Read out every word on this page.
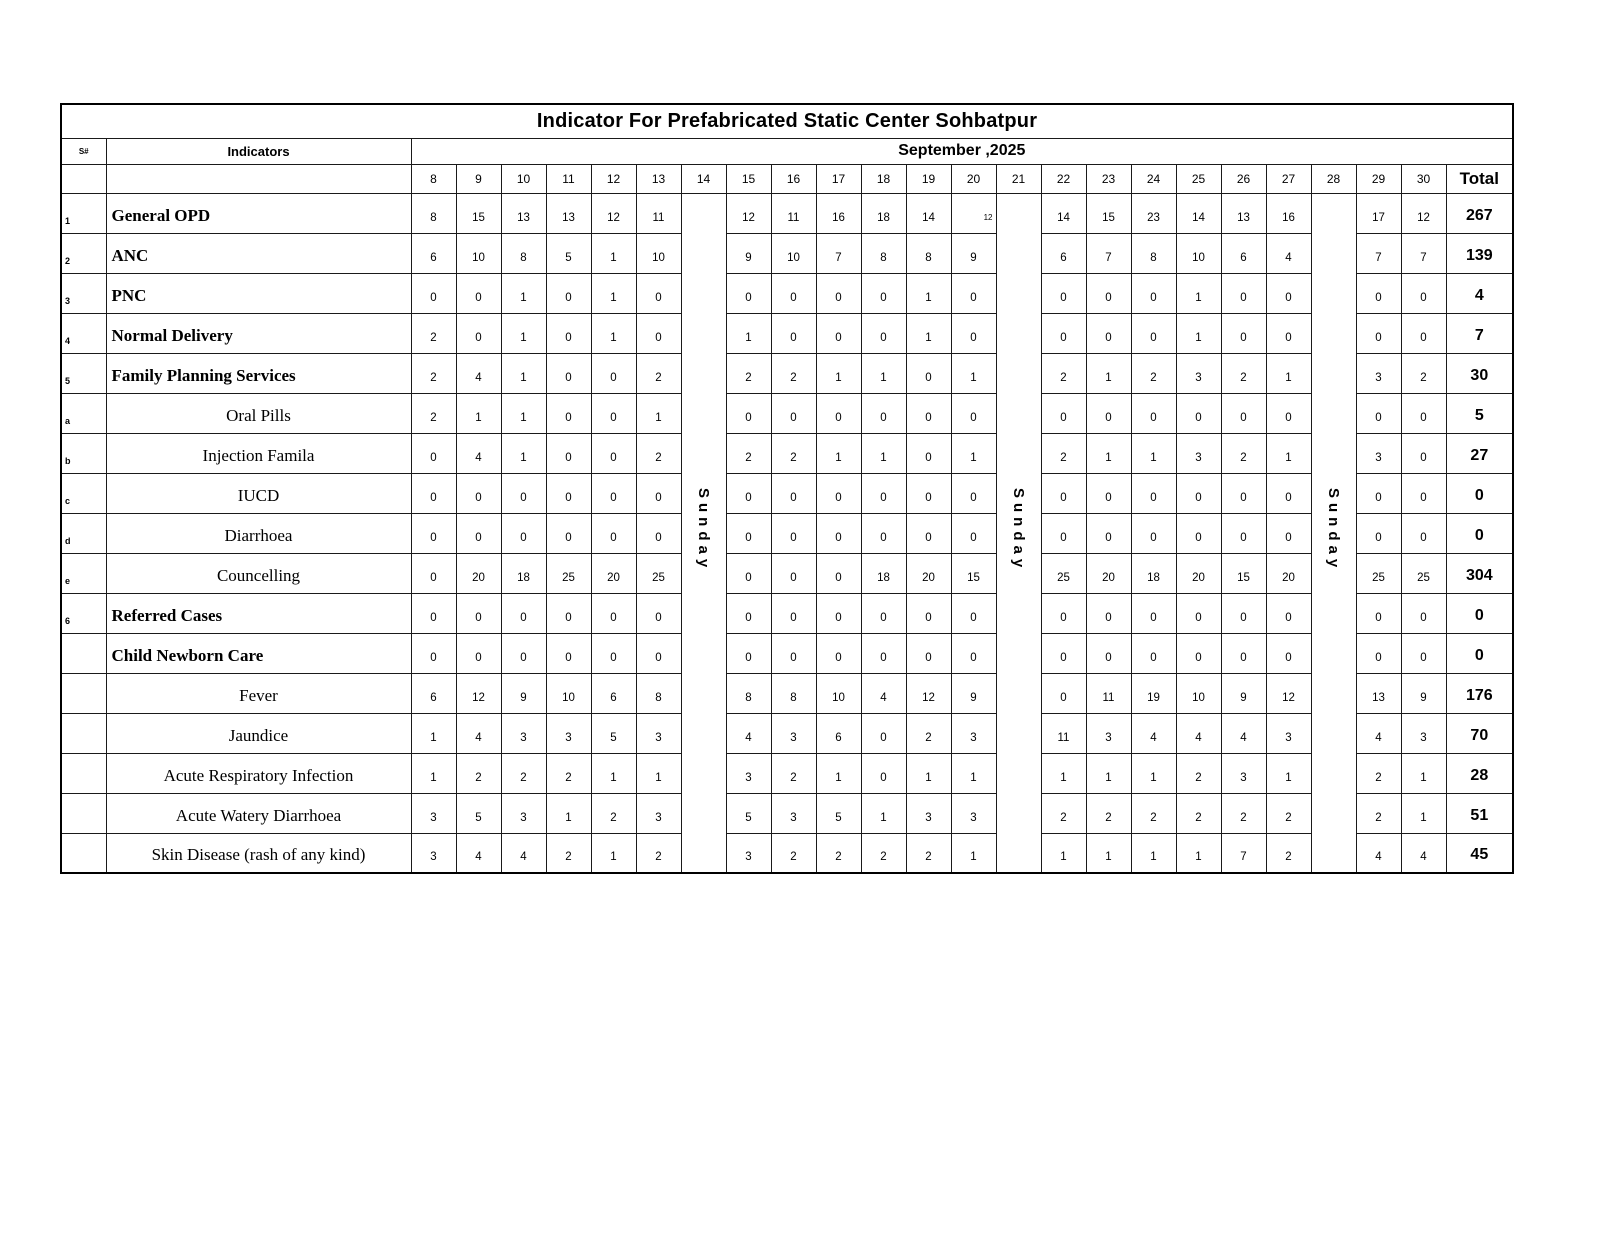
Indicator For Prefabricated Static Center Sohbatpur																									
S#	Indicators	September ,2025																							
		8	9	10	11	12	13	14	15	16	17	18	19	20	21	22	23	24	25	26	27	28	29	30	Total
1	General OPD	8	15	13	13	12	11	Sunday	12	11	16	18	14	12	Sunday	14	15	23	14	13	16	Sunday	17	12	267
2	ANC	6	10	8	5	1	10		9	10	7	8	8	9		6	7	8	10	6	4		7	7	139
3	PNC	0	0	1	0	1	0		0	0	0	0	1	0		0	0	0	1	0	0		0	0	4
4	Normal Delivery	2	0	1	0	1	0		1	0	0	0	1	0		0	0	0	1	0	0		0	0	7
5	Family Planning Services	2	4	1	0	0	2		2	2	1	1	0	1		2	1	2	3	2	1		3	2	30
a	Oral Pills	2	1	1	0	0	1		0	0	0	0	0	0		0	0	0	0	0	0		0	0	5
b	Injection Famila	0	4	1	0	0	2		2	2	1	1	0	1		2	1	1	3	2	1		3	0	27
c	IUCD	0	0	0	0	0	0		0	0	0	0	0	0		0	0	0	0	0	0		0	0	0
d	Diarrhoea	0	0	0	0	0	0		0	0	0	0	0	0		0	0	0	0	0	0		0	0	0
e	Councelling	0	20	18	25	20	25		0	0	0	18	20	15		25	20	18	20	15	20		25	25	304
6	Referred Cases	0	0	0	0	0	0		0	0	0	0	0	0		0	0	0	0	0	0		0	0	0
	Child Newborn Care	0	0	0	0	0	0		0	0	0	0	0	0		0	0	0	0	0	0		0	0	0
	Fever	6	12	9	10	6	8		8	8	10	4	12	9		0	11	19	10	9	12		13	9	176
	Jaundice	1	4	3	3	5	3		4	3	6	0	2	3		11	3	4	4	4	3		4	3	70
	Acute Respiratory Infection	1	2	2	2	1	1		3	2	1	0	1	1		1	1	1	2	3	1		2	1	28
	Acute Watery Diarrhoea	3	5	3	1	2	3		5	3	5	1	3	3		2	2	2	2	2	2		2	1	51
	Skin Disease (rash of any kind)	3	4	4	2	1	2		3	2	2	2	2	1		1	1	1	1	7	2		4	4	45
